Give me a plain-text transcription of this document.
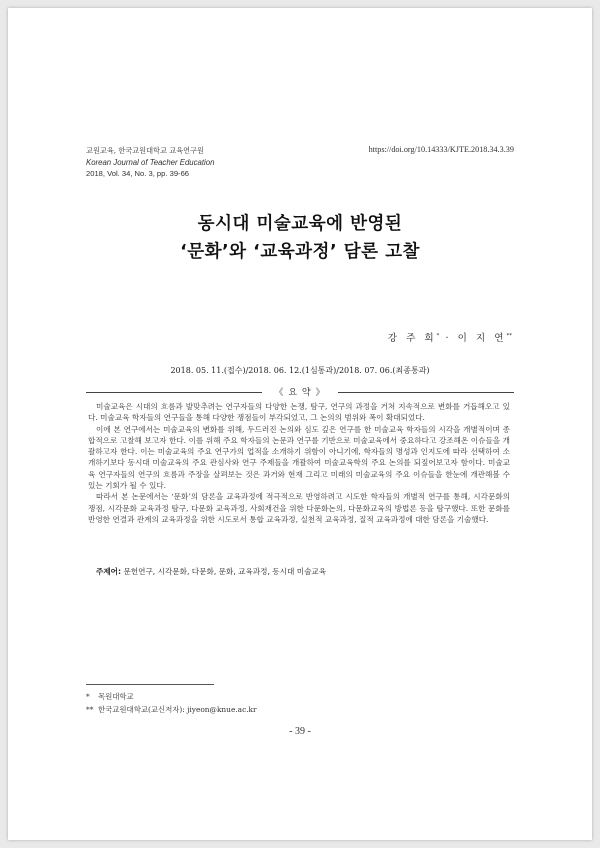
교원교육, 한국교원대학교 교육연구원
Korean Journal of Teacher Education
2018, Vol. 34, No. 3, pp. 39-66
https://doi.org/10.14333/KJTE.2018.34.3.39
동시대 미술교육에 반영된
‘문화’와 ‘교육과정’ 담론 고찰
강 주 희* · 이 지 연**
2018. 05. 11.(접수)/2018. 06. 12.(1심통과)/2018. 07. 06.(최종통과)
《 요 약 》

미술교육은 시대의 흐름과 발맞추려는 연구자들의 다양한 논쟁, 탐구, 연구의 과정을 거쳐 지속적으로 변화를 거듭해오고 있다. 미술교육 학자들의 연구들을 통해 다양한 쟁점들이 부각되었고, 그 논의의 범위와 폭이 확대되었다.

이에 본 연구에서는 미술교육의 변화를 위해, 두드러진 논의와 심도 깊은 연구를 한 미술교육 학자들의 시각을 개별적이며 종합적으로 고찰해 보고자 한다. 이를 위해 주요 학자들의 논문과 연구를 기반으로 미술교육에서 중요하다고 강조해온 이슈들을 개괄하고자 한다. 이는 미술교육의 주요 연구가의 업적을 소개하기 위함이 아니기에, 학자들의 명성과 인지도에 따라 선택하여 소개하기보다 동시대 미술교육의 주요 관심사와 연구 주제들을 개괄하여 미술교육학의 주요 논의를 되짚어보고자 함이다. 미술교육 연구자들의 연구의 흐름과 주장을 살펴보는 것은 과거와 현재 그리고 미래의 미술교육의 주요 이슈들을 한눈에 개관해볼 수 있는 기회가 될 수 있다.

따라서 본 논문에서는 ‘문화’의 담론을 교육과정에 적극적으로 반영하려고 시도한 학자들의 개별적 연구를 통해, 시각문화의 쟁점, 시각문화 교육과정 탐구, 다문화 교육과정, 사회재건을 위한 다문화논의, 다문화교육의 방법론 등을 탐구했다. 또한 문화를 반영한 연결과 관계의 교육과정을 위한 시도로서 통합 교육과정, 실천적 교육과정, 질적 교육과정에 대한 담론을 기술했다.

주제어: 문헌연구, 시각문화, 다문화, 문화, 교육과정, 동시대 미술교육
* 목원대학교
** 한국교원대학교(교신저자): jiyeon@knue.ac.kr
- 39 -
